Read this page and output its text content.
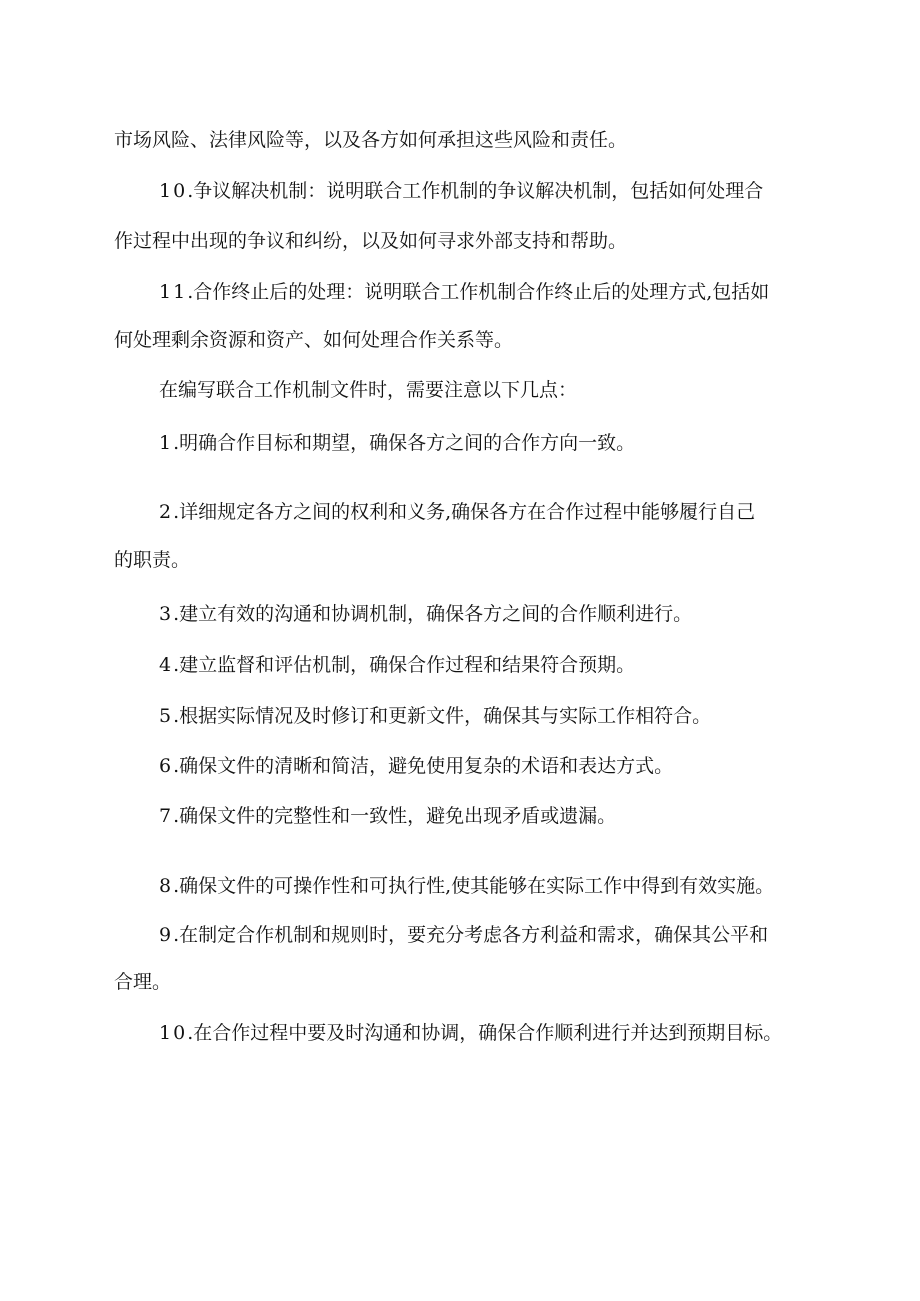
市场风险、法律风险等，以及各方如何承担这些风险和责任。

10.争议解决机制：说明联合工作机制的争议解决机制，包括如何处理合

作过程中出现的争议和纠纷，以及如何寻求外部支持和帮助。

11.合作终止后的处理：说明联合工作机制合作终止后的处理方式,包括如

何处理剩余资源和资产、如何处理合作关系等。

在编写联合工作机制文件时，需要注意以下几点：

1.明确合作目标和期望，确保各方之间的合作方向一致。

2.详细规定各方之间的权利和义务,确保各方在合作过程中能够履行自己

的职责。

3.建立有效的沟通和协调机制，确保各方之间的合作顺利进行。

4.建立监督和评估机制，确保合作过程和结果符合预期。

5.根据实际情况及时修订和更新文件，确保其与实际工作相符合。

6.确保文件的清晰和简洁，避免使用复杂的术语和表达方式。

7.确保文件的完整性和一致性，避免出现矛盾或遗漏。

8.确保文件的可操作性和可执行性,使其能够在实际工作中得到有效实施。

9.在制定合作机制和规则时，要充分考虑各方利益和需求，确保其公平和

合理。

10.在合作过程中要及时沟通和协调，确保合作顺利进行并达到预期目标。
